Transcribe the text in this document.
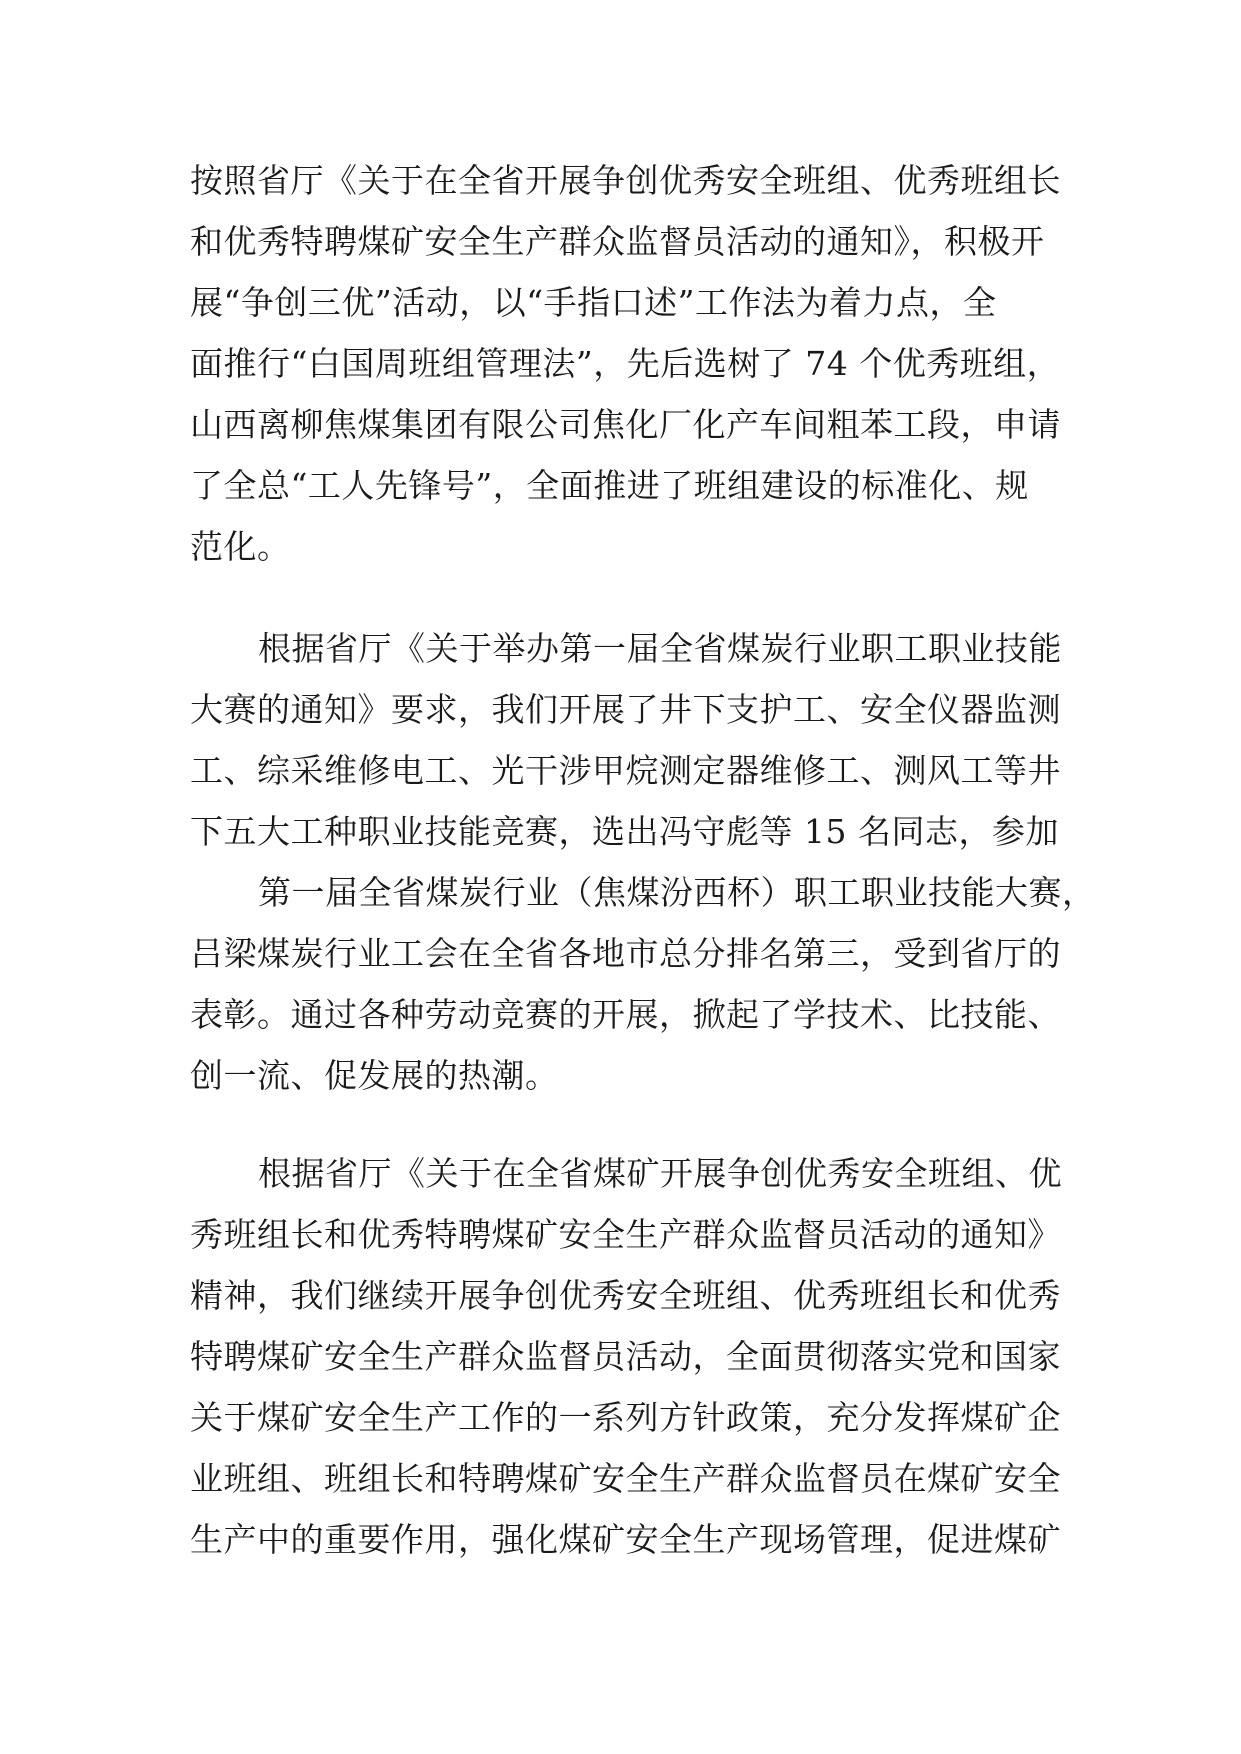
按照省厅《关于在全省开展争创优秀安全班组、优秀班组长
和优秀特聘煤矿安全生产群众监督员活动的通知》，积极开
展“争创三优”活动，以“手指口述”工作法为着力点，全
面推行“白国周班组管理法”，先后选树了 74 个优秀班组，
山西离柳焦煤集团有限公司焦化厂化产车间粗苯工段，申请
了全总“工人先锋号”，全面推进了班组建设的标准化、规
范化。

根据省厅《关于举办第一届全省煤炭行业职工职业技能
大赛的通知》要求，我们开展了井下支护工、安全仪器监测
工、综采维修电工、光干涉甲烷测定器维修工、测风工等井
下五大工种职业技能竞赛，选出冯守彪等 15 名同志，参加

第一届全省煤炭行业（焦煤汾西杯）职工职业技能大赛，
吕梁煤炭行业工会在全省各地市总分排名第三，受到省厅的
表彰。通过各种劳动竞赛的开展，掀起了学技术、比技能、
创一流、促发展的热潮。

根据省厅《关于在全省煤矿开展争创优秀安全班组、优
秀班组长和优秀特聘煤矿安全生产群众监督员活动的通知》
精神，我们继续开展争创优秀安全班组、优秀班组长和优秀
特聘煤矿安全生产群众监督员活动，全面贯彻落实党和国家
关于煤矿安全生产工作的一系列方针政策，充分发挥煤矿企
业班组、班组长和特聘煤矿安全生产群众监督员在煤矿安全
生产中的重要作用，强化煤矿安全生产现场管理，促进煤矿
